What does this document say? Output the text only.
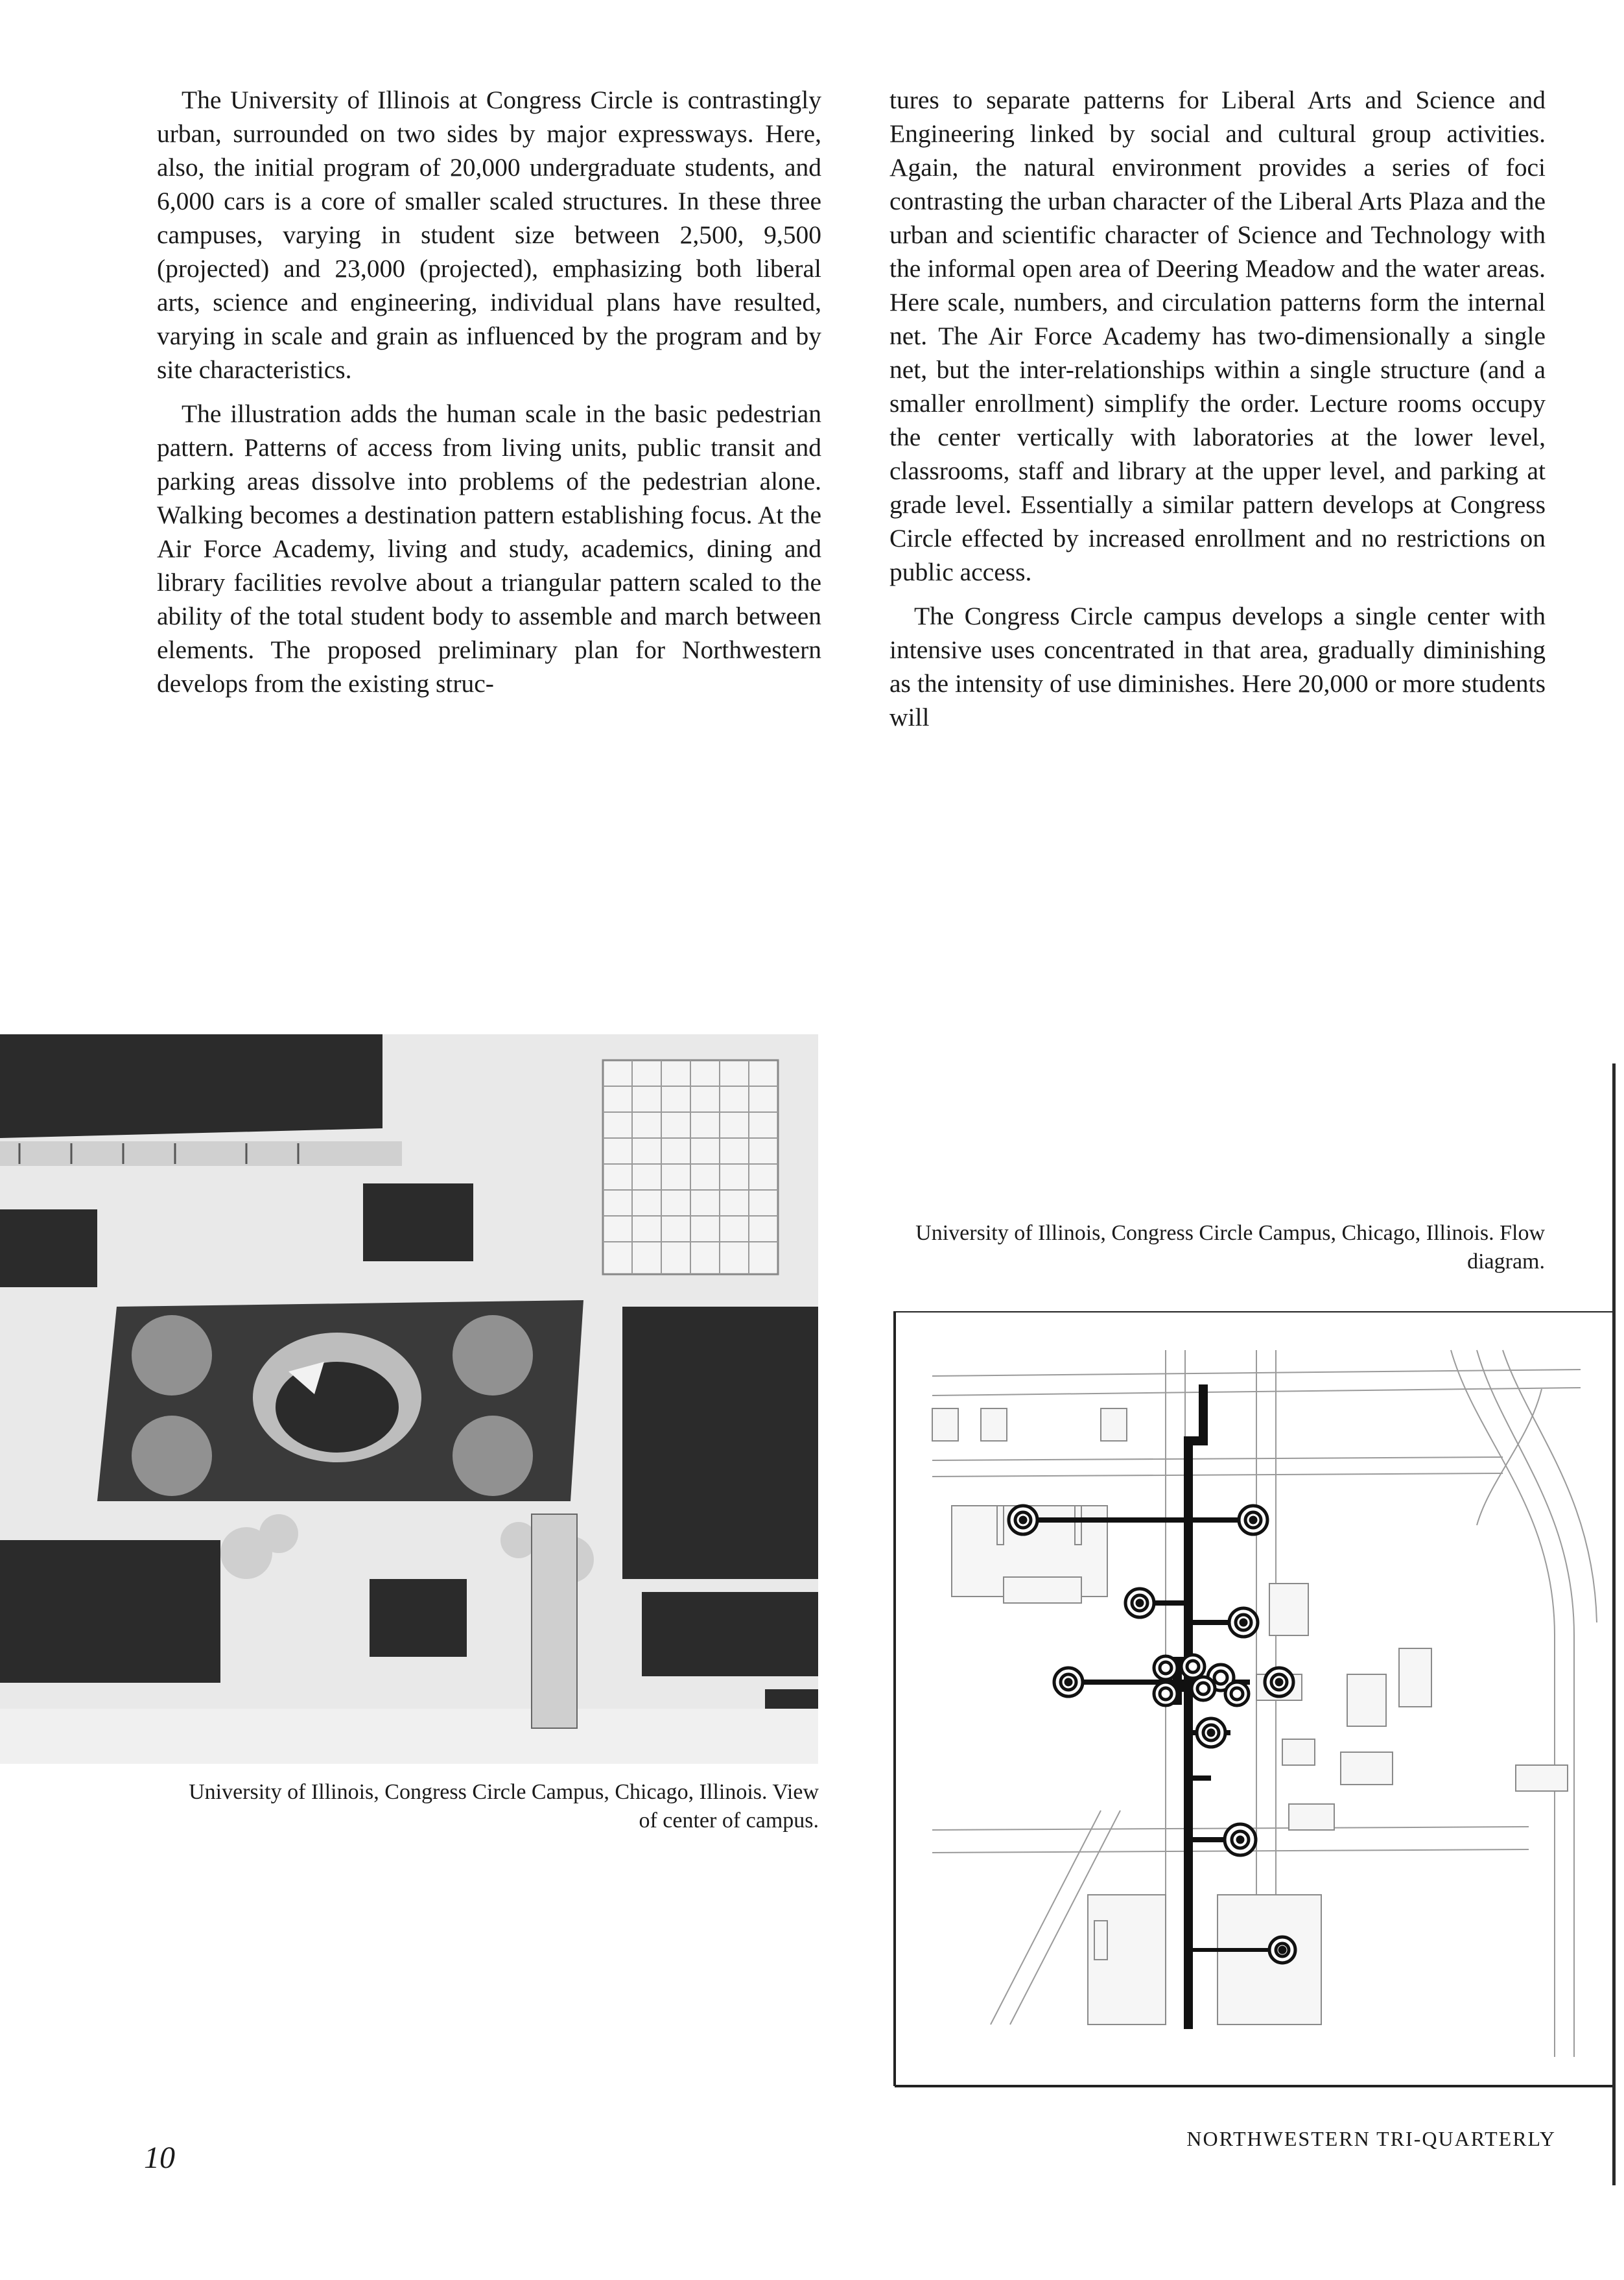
The University of Illinois at Congress Circle is contrastingly urban, surrounded on two sides by major expressways. Here, also, the initial program of 20,000 undergraduate students, and 6,000 cars is a core of smaller scaled structures. In these three campuses, varying in student size between 2,500, 9,500 (projected) and 23,000 (projected), emphasizing both liberal arts, science and engineering, individual plans have resulted, varying in scale and grain as influenced by the program and by site characteristics.

The illustration adds the human scale in the basic pedestrian pattern. Patterns of access from living units, public transit and parking areas dissolve into problems of the pedestrian alone. Walking becomes a destination pattern establishing focus. At the Air Force Academy, living and study, academics, dining and library facilities revolve about a triangular pattern scaled to the ability of the total student body to assemble and march between elements. The proposed preliminary plan for Northwestern develops from the existing struc-

tures to separate patterns for Liberal Arts and Science and Engineering linked by social and cultural group activities. Again, the natural environment provides a series of foci contrasting the urban character of the Liberal Arts Plaza and the urban and scientific character of Science and Technology with the informal open area of Deering Meadow and the water areas. Here scale, numbers, and circulation patterns form the internal net. The Air Force Academy has two-dimensionally a single net, but the inter-relationships within a single structure (and a smaller enrollment) simplify the order. Lecture rooms occupy the center vertically with laboratories at the lower level, classrooms, staff and library at the upper level, and parking at grade level. Essentially a similar pattern develops at Congress Circle effected by increased enrollment and no restrictions on public access.

The Congress Circle campus develops a single center with intensive uses concentrated in that area, gradually diminishing as the intensity of use diminishes. Here 20,000 or more students will

University of Illinois, Congress Circle Campus, Chicago, Illinois. View of center of campus.
University of Illinois, Congress Circle Campus, Chicago, Illinois. Flow diagram.
10
NORTHWESTERN TRI-QUARTERLY
